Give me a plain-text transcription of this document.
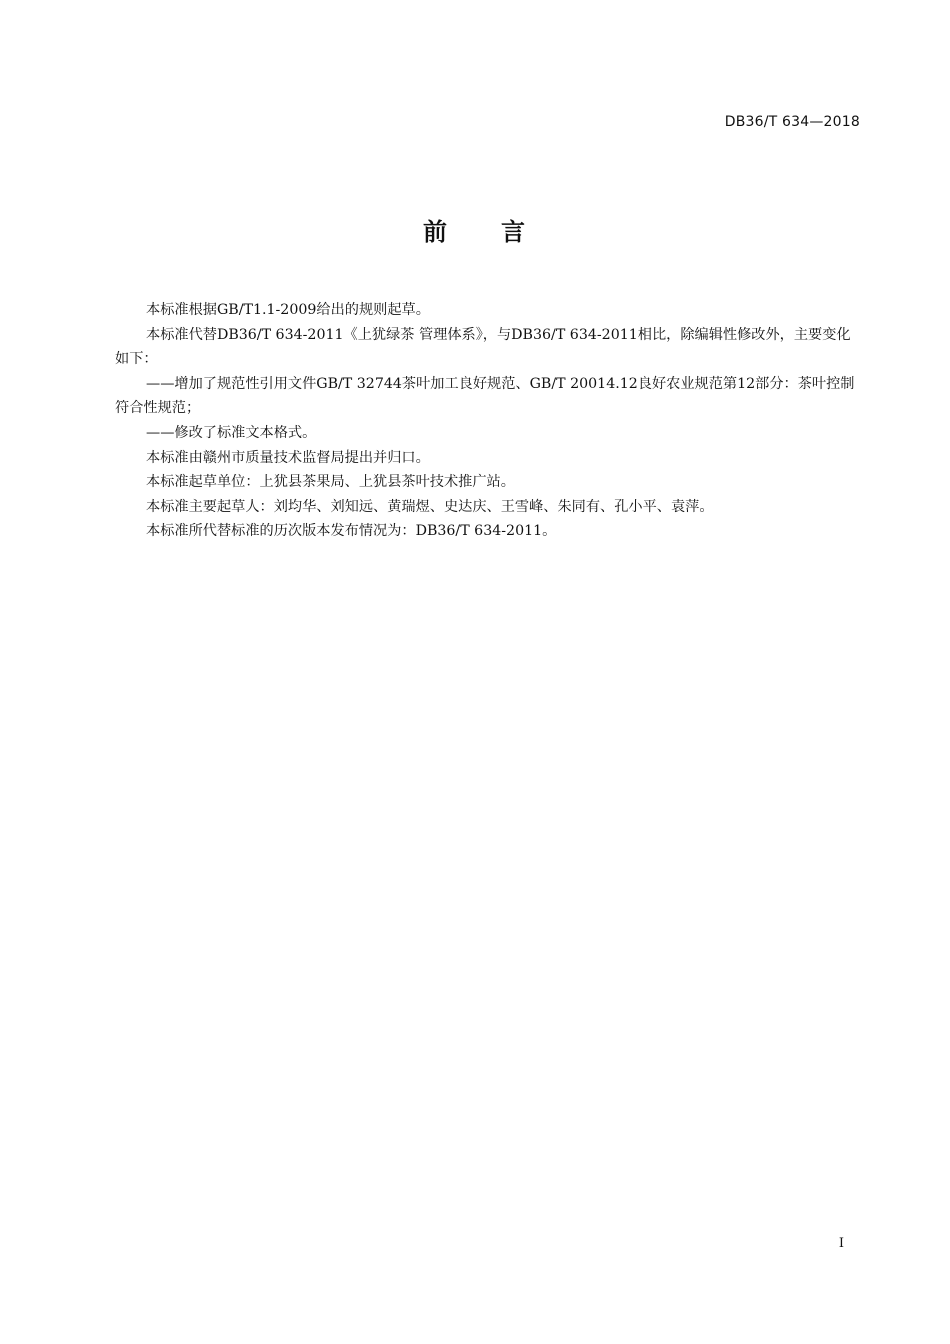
DB36/T 634—2018
前 言

本标准根据GB/T1.1-2009给出的规则起草。

本标准代替DB36/T 634-2011《上犹绿茶 管理体系》，与DB36/T 634-2011相比，除编辑性修改外，主要变化如下：

——增加了规范性引用文件GB/T 32744茶叶加工良好规范、GB/T 20014.12良好农业规范第12部分：茶叶控制符合性规范；

——修改了标准文本格式。

本标准由赣州市质量技术监督局提出并归口。

本标准起草单位：上犹县茶果局、上犹县茶叶技术推广站。

本标准主要起草人：刘均华、刘知远、黄瑞煜、史达庆、王雪峰、朱同有、孔小平、袁萍。

本标准所代替标准的历次版本发布情况为：DB36/T 634-2011。

I
